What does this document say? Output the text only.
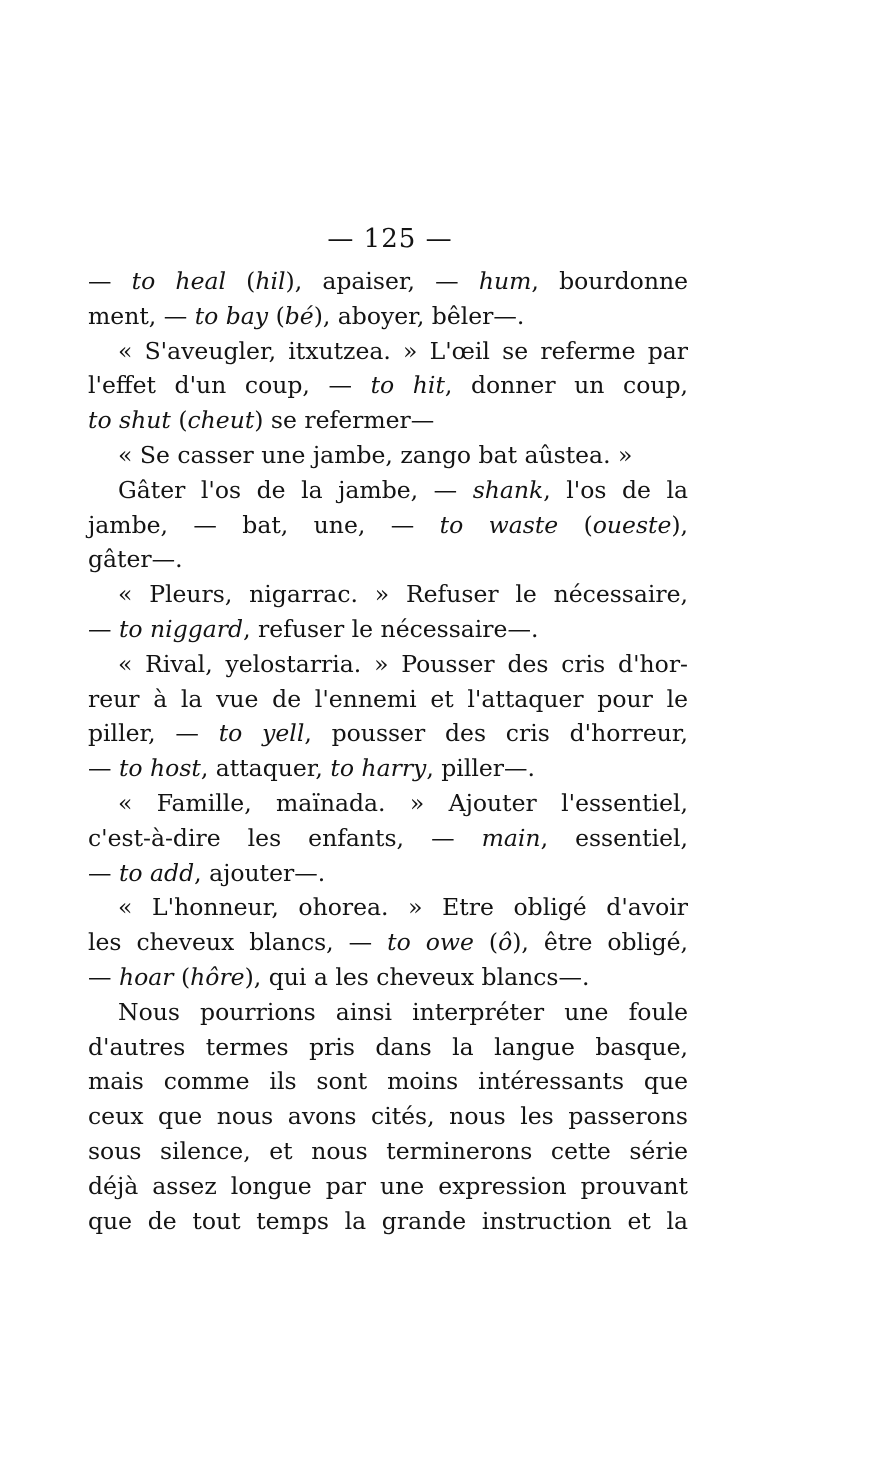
— 125 —
— to heal (hil), apaiser, — hum, bourdonne
ment, — to bay (bé), aboyer, bêler—.
« S'aveugler, itxutzea. » L'œil se referme par
l'effet d'un coup, — to hit, donner un coup,
to shut (cheut) se refermer—
« Se casser une jambe, zango bat aûstea. »
Gâter l'os de la jambe, — shank, l'os de la
jambe, — bat, une, — to waste (oueste),
gâter—.
« Pleurs, nigarrac. » Refuser le nécessaire,
— to niggard, refuser le nécessaire—.
« Rival, yelostarria. » Pousser des cris d'hor-
reur à la vue de l'ennemi et l'attaquer pour le
piller, — to yell, pousser des cris d'horreur,
— to host, attaquer, to harry, piller—.
« Famille, maïnada. » Ajouter l'essentiel,
c'est-à-dire les enfants, — main, essentiel,
— to add, ajouter—.
« L'honneur, ohorea. » Etre obligé d'avoir
les cheveux blancs, — to owe (ô), être obligé,
— hoar (hôre), qui a les cheveux blancs—.
Nous pourrions ainsi interpréter une foule
d'autres termes pris dans la langue basque,
mais comme ils sont moins intéressants que
ceux que nous avons cités, nous les passerons
sous silence, et nous terminerons cette série
déjà assez longue par une expression prouvant
que de tout temps la grande instruction et la
